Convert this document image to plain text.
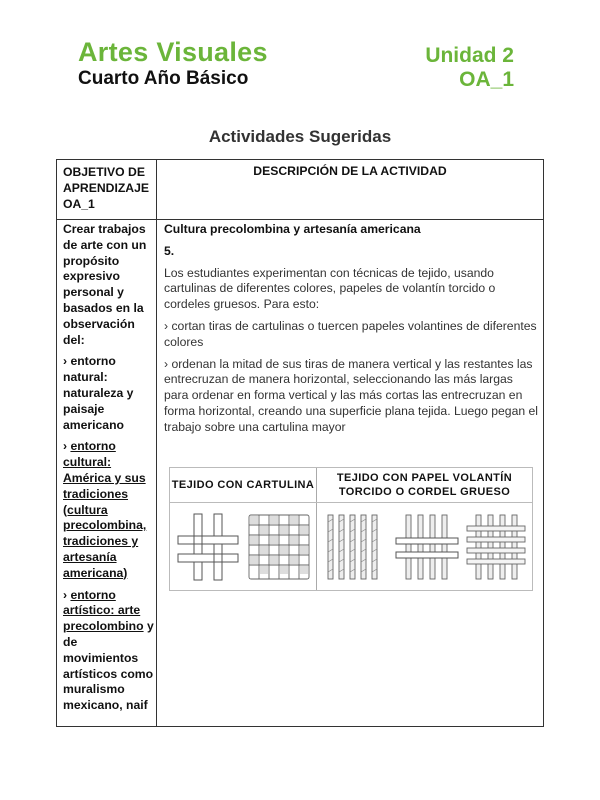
Artes Visuales
Cuarto Año Básico
Unidad 2
OA_1
Actividades Sugeridas
OBJETIVO DE APRENDIZAJE OA_1
DESCRIPCIÓN DE LA ACTIVIDAD

Crear trabajos de arte con un propósito expresivo personal y basados en la observación del:

› entorno natural: naturaleza y paisaje americano

› entorno cultural: América y sus tradiciones (cultura precolombina, tradiciones y artesanía americana)

› entorno artístico: arte precolombino y de movimientos artísticos como muralismo mexicano, naif

Cultura precolombina y artesanía americana

5.

Los estudiantes experimentan con técnicas de tejido, usando cartulinas de diferentes colores, papeles de volantín torcido o cordeles gruesos. Para esto:

› cortan tiras de cartulinas o tuercen papeles volantines de diferentes colores

› ordenan la mitad de sus tiras de manera vertical y las restantes las entrecruzan de manera horizontal, seleccionando las más largas para ordenar en forma vertical y las más cortas las entrecruzan en forma horizontal, creando una superficie plana tejida. Luego pegan el trabajo sobre una cartulina mayor

TEJIDO CON CARTULINA
TEJIDO CON PAPEL VOLANTÍN
TORCIDO O CORDEL GRUESO
